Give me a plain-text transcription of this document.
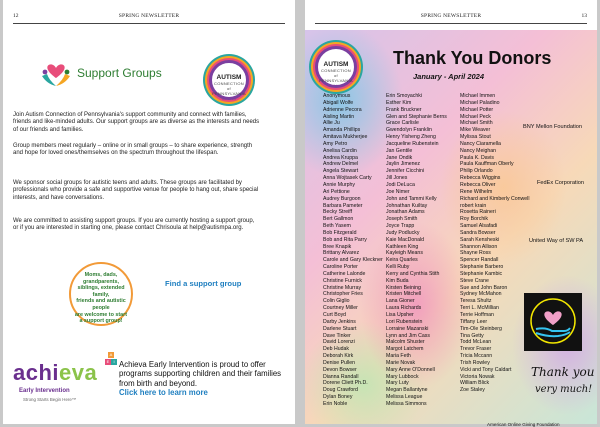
12	SPRING NEWSLETTER
Support Groups	AUTISM
CONNECTION
of PENNSYLVANIA
achieva

Join Autism Connection of Pennsylvania's support community and connect with families, friends and like-minded adults. Our support groups are as diverse as the interests and needs of our friends and families.

Group members meet regularly – online or in small groups – to share experience, strength and hope for loved ones/themselves on the spectrum throughout the lifespan.

We sponsor social groups for autistic teens and adults. These groups are facilitated by professionals who provide a safe and supportive venue for people to hang out, share special interests, and have conversations.

We are committed to assisting support groups. If you are currently hosting a support group, or if you are interested in starting one, please contact Chrisoula at help@autismpa.org.

Moms, dads,
grandparents,
siblings, extended family,
friends and autistic people
are welcome to start
a support group!
Find a support group
achieva
A
E	I
Early Intervention
Strong Starts Begin Here™
Achieva Early Intervention is proud to offer programs supporting children and their families from birth and beyond.
Click here to learn more
SPRING NEWSLETTER	13
AUTISM
CONNECTION
of PENNSYLVANIA
achieva
Thank You Donors
January - April 2024
Anonymous
Abigail Wolfe
Adrienne Pecora
Aisling Martin
Allie Ju
Amanda Phillips
Amitava Mukherjee
Amy Petro
Anelisa Cardin
Andrea Kruppa
Andrew Delmel
Angela Stewart
Anna Wojtasek Carty
Annie Murphy
Ari Pettione
Audrey Burgoon
Barbara Pameter
Becky Streiff
Bert Gallmon
Beth Yasem
Bob Fitzgerald
Bob and Rita Parry
Bree Knapik
Brittany Alvarez
Carole and Gary Kleckner
Caroline Porter
Catherine Lalonde
Christine Furnick
Christine Murray
Christopher Fries
Colin Giglio
Courtney Miller
Curt Boyd
Darby Jenkins
Darlene Stuart
Dave Tinker
David Lorenzi
Deb Hudak
Deborah Kirk
Denise Pullen
Devon Bowser
Dianna Randall
Dorene Cliett Ph.D.
Doug Crawford
Dylan Boney
Erin Noble
Erin Smoyachki
Esther Kim
Frank Bruckner
Glen and Stephanie Berns
Grace Carlisle
Gwendolyn Franklin
Henry Yisheng Zheng
Jacqueline Rubenstein
Jan Gentile
Jane Ondik
Jaylin Jimenez
Jennifer Cicchini
Jill Jones
Jodi DeLuca
Joe Nimer
John and Tammi Kelly
Johnathan Kuiltay
Jonathan Adams
Joseph Smith
Joyce Trapp
Judy Podlucky
Kaie MacDonald
Kathleen King
Kayleigh Means
Keira Quarles
Kelli Ruby
Kerry and Cynthia Stith
Kim Buda
Kirsten Beining
Kristen Mitchell
Lana Gioner
Laura Richards
Lisa Upsher
Lori Rubenstein
Lorraine Mazanski
Lynn and Jim Cass
Malcolm Shuster
Margot Latchem
Maria Feth
Marie Novak
Mary Anne O'Donnell
Mary Lubbock
Mary Luty
Megan Ballantyne
Melissa League
Melissa Simmons
Michael Immen
Michael Paladino
Michael Potter
Michael Peck
Michael Smith
Mike Weaver
Mylissa Stout
Nancy Ciaramella
Nancy Meighan
Paula K. Davis
Paula Kauffman Oberly
Philip Orlando
Rebecca Wiggins
Rebecca Oliver
Rene Wilhelm
Richard and Kimberly Conwell
robert krain
Rosetta Raineri
Roy Borchik
Samuel Alsafadi
Sandra Bowser
Sarah Kensheski
Shannon Allison
Shayne Ross
Spencer Randall
Stephanie Barbero
Stephanie Kambic
Steve Crane
Sue and John Baron
Sydney McMahon
Teresa Shultz
Terri L. McMillian
Terrie Hoffman
Tiffany Leer
Tim-Ole Steinberg
Tina Getty
Todd McLean
Trevor Fraser
Tricia Mccann
Trish Rowley
Vicki and Tony Caldart
Victoria Nowak
William Blick
Zoe Staley
BNY Mellon Foundation
FedEx Corporation
United Way of SW PA
Thank you
very much!
American Online Giving Foundation
